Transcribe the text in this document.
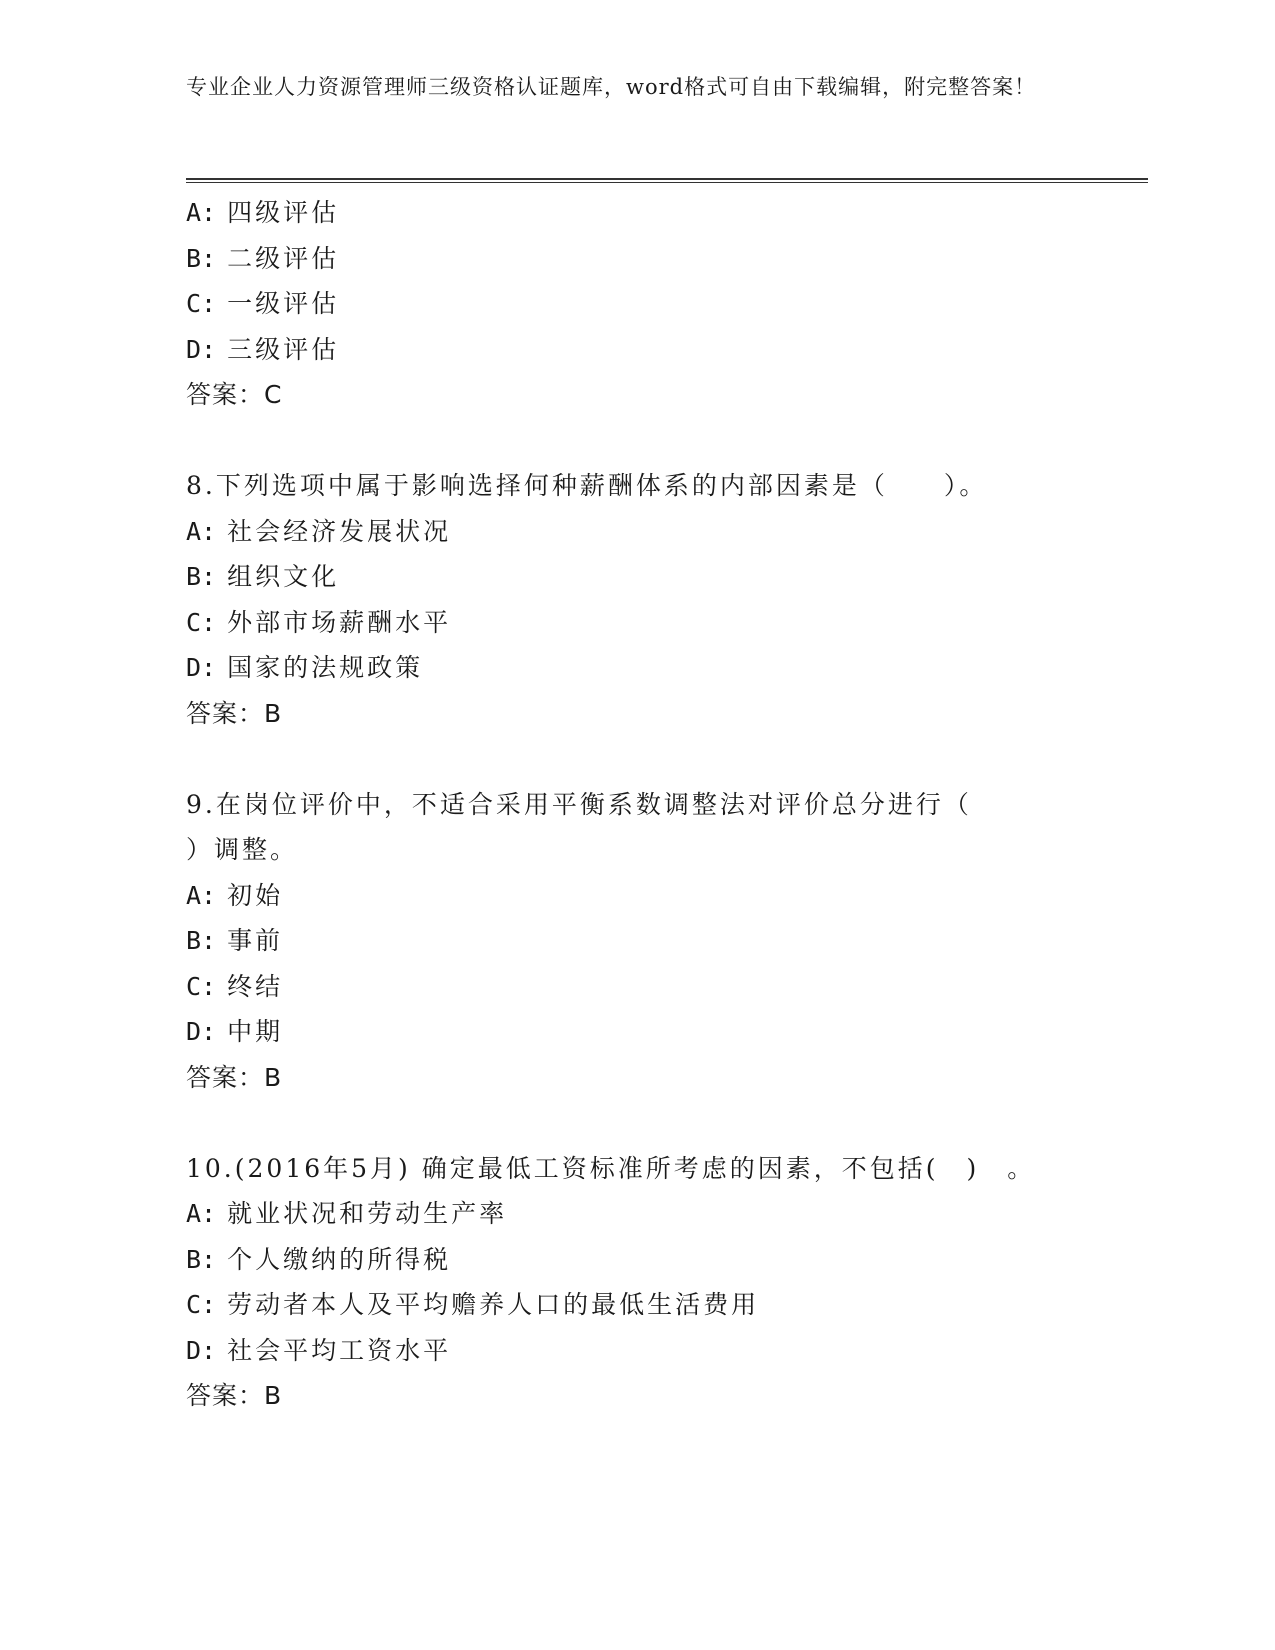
专业企业人力资源管理师三级资格认证题库，word格式可自由下载编辑，附完整答案！
A: 四级评估
B: 二级评估
C: 一级评估
D: 三级评估
答案：C
8.下列选项中属于影响选择何种薪酬体系的内部因素是（　　）。
A: 社会经济发展状况
B: 组织文化
C: 外部市场薪酬水平
D: 国家的法规政策
答案：B
9.在岗位评价中，不适合采用平衡系数调整法对评价总分进行（
）调整。
A: 初始
B: 事前
C: 终结
D: 中期
答案：B
10.(2016年5月) 确定最低工资标准所考虑的因素，不包括(　)　。
A: 就业状况和劳动生产率
B: 个人缴纳的所得税
C: 劳动者本人及平均赡养人口的最低生活费用
D: 社会平均工资水平
答案：B
